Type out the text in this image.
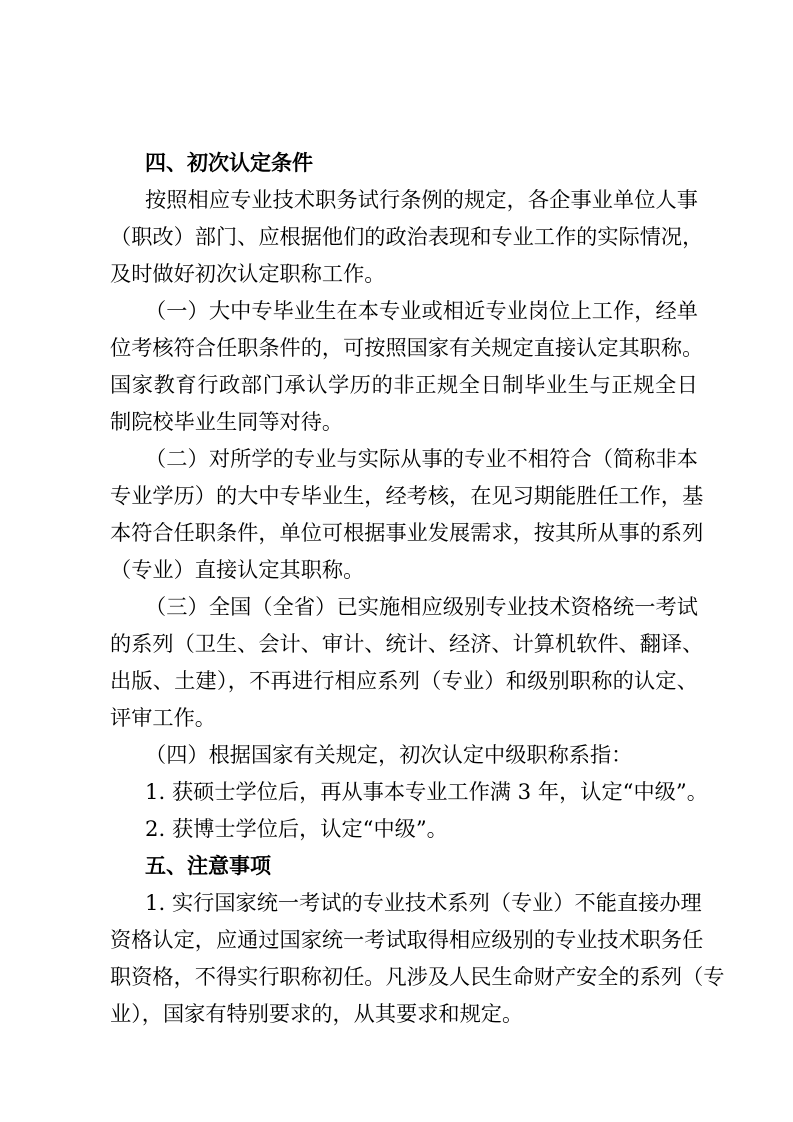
四、初次认定条件
按照相应专业技术职务试行条例的规定，各企事业单位人事
（职改）部门、应根据他们的政治表现和专业工作的实际情况，
及时做好初次认定职称工作。
（一）大中专毕业生在本专业或相近专业岗位上工作，经单
位考核符合任职条件的，可按照国家有关规定直接认定其职称。
国家教育行政部门承认学历的非正规全日制毕业生与正规全日
制院校毕业生同等对待。
（二）对所学的专业与实际从事的专业不相符合（简称非本
专业学历）的大中专毕业生，经考核，在见习期能胜任工作，基
本符合任职条件，单位可根据事业发展需求，按其所从事的系列
（专业）直接认定其职称。
（三）全国（全省）已实施相应级别专业技术资格统一考试
的系列（卫生、会计、审计、统计、经济、计算机软件、翻译、
出版、土建），不再进行相应系列（专业）和级别职称的认定、
评审工作。
（四）根据国家有关规定，初次认定中级职称系指：
1. 获硕士学位后，再从事本专业工作满 3 年，认定“中级”。
2. 获博士学位后，认定“中级”。
五、注意事项
1. 实行国家统一考试的专业技术系列（专业）不能直接办理
资格认定，应通过国家统一考试取得相应级别的专业技术职务任
职资格，不得实行职称初任。凡涉及人民生命财产安全的系列（专
业），国家有特别要求的，从其要求和规定。
